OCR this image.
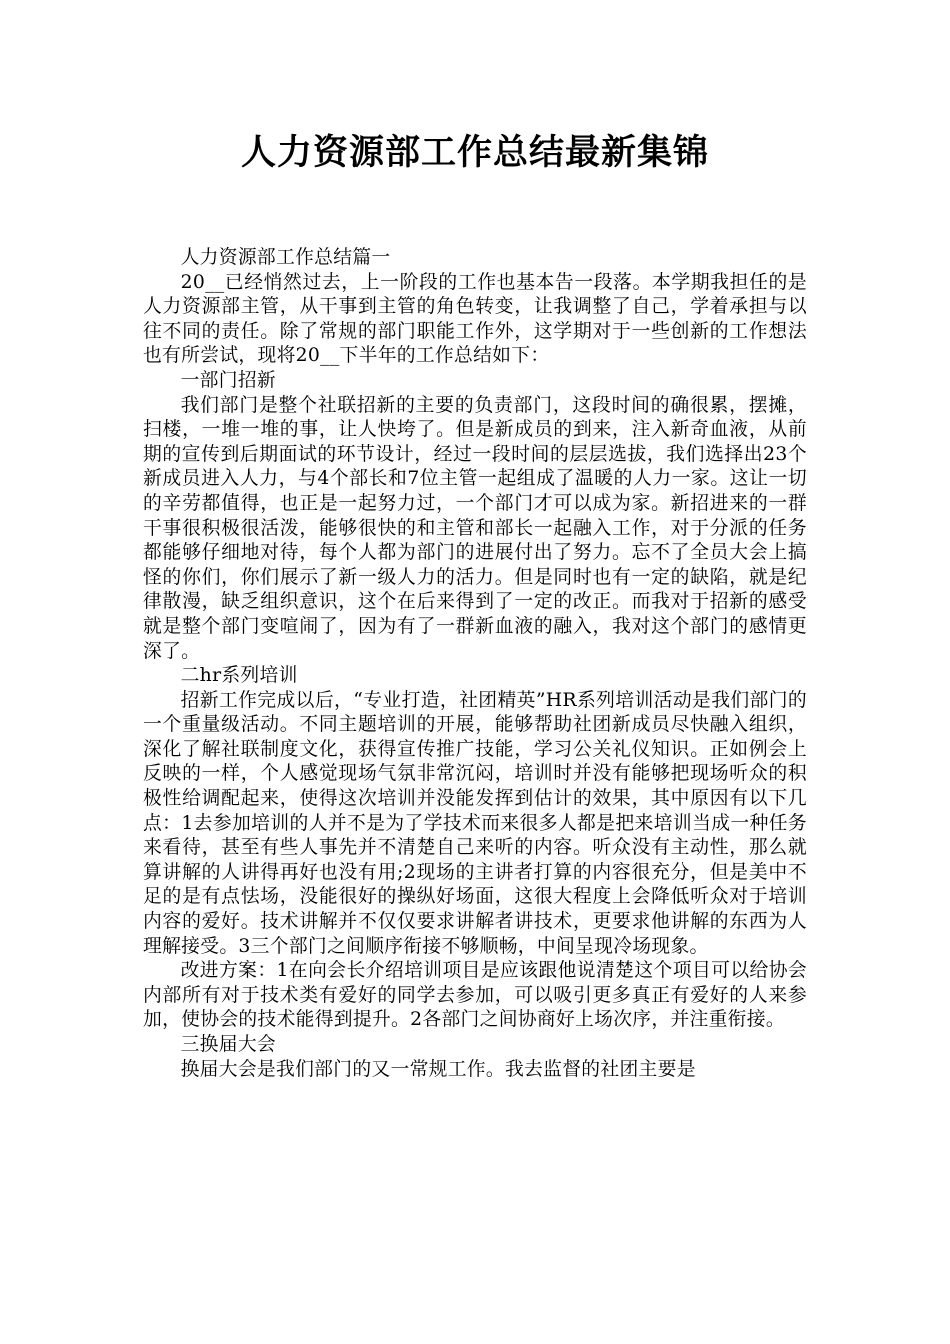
人力资源部工作总结最新集锦

人力资源部工作总结篇一

20__已经悄然过去，上一阶段的工作也基本告一段落。本学期我担任的是人力资源部主管，从干事到主管的角色转变，让我调整了自己，学着承担与以往不同的责任。除了常规的部门职能工作外，这学期对于一些创新的工作想法也有所尝试，现将20__下半年的工作总结如下：

一部门招新

我们部门是整个社联招新的主要的负责部门，这段时间的确很累，摆摊，扫楼，一堆一堆的事，让人快垮了。但是新成员的到来，注入新奇血液，从前期的宣传到后期面试的环节设计，经过一段时间的层层选拔，我们选择出23个新成员进入人力，与4个部长和7位主管一起组成了温暖的人力一家。这让一切的辛劳都值得，也正是一起努力过，一个部门才可以成为家。新招进来的一群干事很积极很活泼，能够很快的和主管和部长一起融入工作，对于分派的任务都能够仔细地对待，每个人都为部门的进展付出了努力。忘不了全员大会上搞怪的你们，你们展示了新一级人力的活力。但是同时也有一定的缺陷，就是纪律散漫，缺乏组织意识，这个在后来得到了一定的改正。而我对于招新的感受就是整个部门变喧闹了，因为有了一群新血液的融入，我对这个部门的感情更深了。

二hr系列培训

招新工作完成以后，“专业打造，社团精英”HR系列培训活动是我们部门的一个重量级活动。不同主题培训的开展，能够帮助社团新成员尽快融入组织，深化了解社联制度文化，获得宣传推广技能，学习公关礼仪知识。正如例会上反映的一样，个人感觉现场气氛非常沉闷，培训时并没有能够把现场听众的积极性给调配起来，使得这次培训并没能发挥到估计的效果，其中原因有以下几点：1去参加培训的人并不是为了学技术而来很多人都是把来培训当成一种任务来看待，甚至有些人事先并不清楚自己来听的内容。听众没有主动性，那么就算讲解的人讲得再好也没有用;2现场的主讲者打算的内容很充分，但是美中不足的是有点怯场，没能很好的操纵好场面，这很大程度上会降低听众对于培训内容的爱好。技术讲解并不仅仅要求讲解者讲技术，更要求他讲解的东西为人理解接受。3三个部门之间顺序衔接不够顺畅，中间呈现冷场现象。

改进方案：1在向会长介绍培训项目是应该跟他说清楚这个项目可以给协会内部所有对于技术类有爱好的同学去参加，可以吸引更多真正有爱好的人来参加，使协会的技术能得到提升。2各部门之间协商好上场次序，并注重衔接。

三换届大会

换届大会是我们部门的又一常规工作。我去监督的社团主要是
